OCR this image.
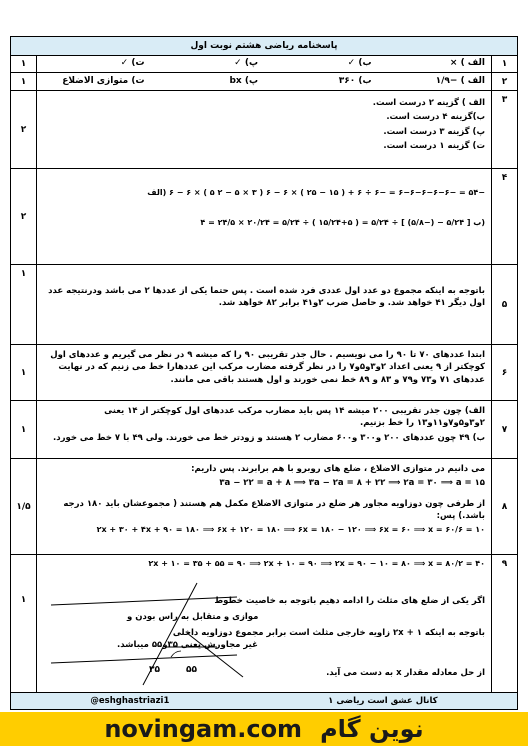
پاسخنامه ریاضی هشتم نوبت اول
۱
الف ) ×
ب) ✓
پ) ✓
ت) ✓
۱
۲
الف ) −۱/۹
ب) ۳۶۰
پ) bx
ت) متوازی الاضلاع
۱
۳

الف ) گزینه ۲ درست است.

ب)گزینه ۴ درست است.

پ) گزینه ۳ درست است.

ت) گزینه ۱ درست است.

۲
۴

−۵۴ = −۶−۶−۶−۶−۶ = −۶ ÷ ۶ + ( ۱۵ − ۲۵ ) × ۶ − ۶ ( ۳ × ۵ − ۲ ۵ ) × ۶ − ۶ (الف

(ب [ ۵/۲۴ − (−۵/۸) ] ÷ ۵/۲۴ = ( ۵+۱۵/۲۴ ) ÷ ۵/۲۴ = ۲۰/۲۴ × ۲۴/۵ = ۴

۲
۵
باتوجه به اینکه مجموع دو عدد اول عددی فرد شده است . پس حتما یکی از عددها ۲ می باشد ودرنتیجه عدد اول دیگر ۴۱ خواهد شد. و حاصل ضرب ۲و۴۱ برابر ۸۲ خواهد شد.
۱
۶
ابتدا عددهای ۷۰ تا ۹۰ را می نویسیم . حال جذر تقریبی ۹۰ را که میشه ۹ در نظر می گیریم و عددهای اول کوچکتر از ۹ یعنی اعداد ۲و۳و۵و۷ را در نظر گرفته مضارب مرکب این عددهارا خط می زنیم که در نهایت عددهای ۷۱ و۷۳ و۷۹ و ۸۳ و ۸۹ خط نمی خورند و اول هستند باقی می مانند.
۱
۷

الف) چون جذر تقریبی ۲۰۰ میشه ۱۴ پس باید مضارب مرکب عددهای اول کوچکتر از ۱۴ یعنی ۲و۳و۵و۷و۱۱و۱۳ را خط بزنیم.

ب) ۴۹ چون عددهای ۲۰۰ و۳۰۰ و۶۰۰ مضارب ۲ هستند و زودتر خط می خورند. ولی ۴۹ با ۷ خط می خورد.

۱
۸

می دانیم در متوازی الاضلاع ، ضلع های روبرو با هم برابرند. پس داریم:

۳a − ۲۲ = a + ۸ ⟹ ۳a − ۲a = ۸ + ۲۲ ⟹ ۲a = ۳۰ ⟹ a = ۱۵

از طرفی چون دوزاویه مجاور هر ضلع در متوازی الاضلاع مکمل هم هستند ( مجموعشان باید ۱۸۰ درجه باشد.) پس:

۲x + ۳۰ + ۴x + ۹۰ = ۱۸۰ ⟹ ۶x + ۱۲۰ = ۱۸۰ ⟹ ۶x = ۱۸۰ − ۱۲۰ ⟹ ۶x = ۶۰ ⟹ x = ۶۰/۶ = ۱۰

۱/۵
۹

۲x + ۱۰ = ۳۵ + ۵۵ = ۹۰ ⟹ ۲x + ۱۰ = ۹۰ ⟹ ۲x = ۹۰ − ۱۰ = ۸۰ ⟹ x = ۸۰/۲ = ۴۰

اگر یکی از ضلع های مثلث را ادامه دهیم باتوجه به خاصیت خطوط

موازی و متقابل به راس بودن و

باتوجه به اینکه ۱ + ۲x زاویه خارجی مثلث است برابر مجموع دوزاویه داخلی

غیر مجاورش یعنی ۳۵و۵۵ میباشد.

از حل معادله مقدار x به دست می آید.

۳۵	۵۵
۱
@eshghastriazi1	کانال عشق است ریاضی ۱
novingam.com نوین گام
